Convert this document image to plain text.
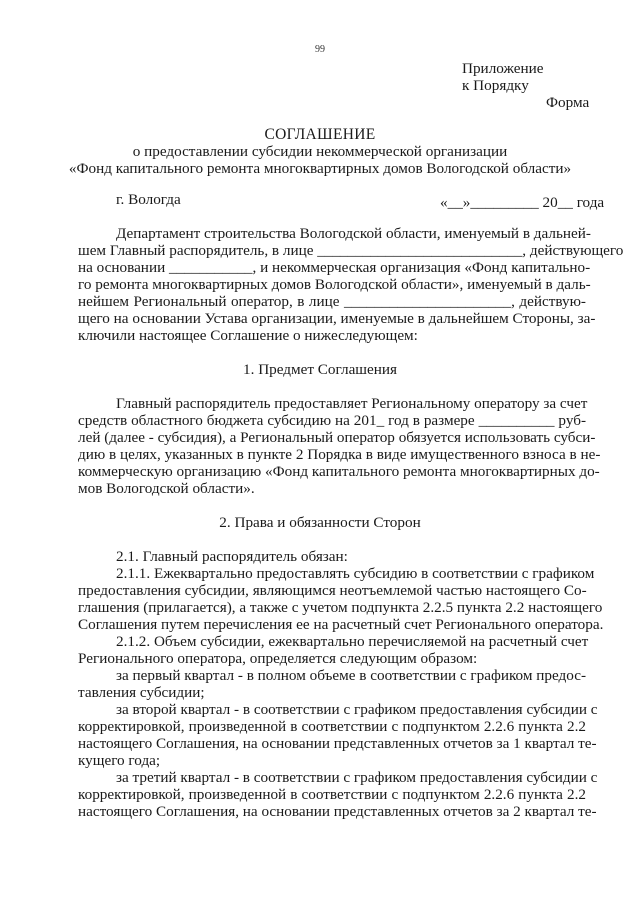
99
Приложение
к Порядку
Форма
СОГЛАШЕНИЕ
о предоставлении субсидии некоммерческой организации
«Фонд капитального ремонта многоквартирных домов Вологодской области»
г. Вологда	«__»_________ 20__ года
Департамент строительства Вологодской области, именуемый в дальней-
шем Главный распорядитель, в лице ___________________________, действующего
на основании ___________, и некоммерческая организация «Фонд капитально-
го ремонта многоквартирных домов Вологодской области», именуемый в даль-
нейшем Региональный оператор, в лице ______________________, действую-
щего на основании Устава организации, именуемые в дальнейшем Стороны, за-
ключили настоящее Соглашение о нижеследующем:
1. Предмет Соглашения
Главный распорядитель предоставляет Региональному оператору за счет
средств областного бюджета субсидию на 201_ год в размере __________ руб-
лей (далее - субсидия), а Региональный оператор обязуется использовать субси-
дию в целях, указанных в пункте 2 Порядка в виде имущественного взноса в не-
коммерческую организацию «Фонд капитального ремонта многоквартирных до-
мов Вологодской области».
2. Права и обязанности Сторон
2.1. Главный распорядитель обязан:
2.1.1. Ежеквартально предоставлять субсидию в соответствии с графиком
предоставления субсидии, являющимся неотъемлемой частью настоящего Со-
глашения (прилагается), а также с учетом подпункта 2.2.5 пункта 2.2 настоящего
Соглашения путем перечисления ее на расчетный счет Регионального оператора.
2.1.2. Объем субсидии, ежеквартально перечисляемой на расчетный счет
Регионального оператора, определяется следующим образом:
за первый квартал - в полном объеме в соответствии с графиком предос-
тавления субсидии;
за второй квартал - в соответствии с графиком предоставления субсидии с
корректировкой, произведенной в соответствии с подпунктом 2.2.6 пункта 2.2
настоящего Соглашения, на основании представленных отчетов за 1 квартал те-
кущего года;
за третий квартал - в соответствии с графиком предоставления субсидии с
корректировкой, произведенной в соответствии с подпунктом 2.2.6 пункта 2.2
настоящего Соглашения, на основании представленных отчетов за 2 квартал те-
